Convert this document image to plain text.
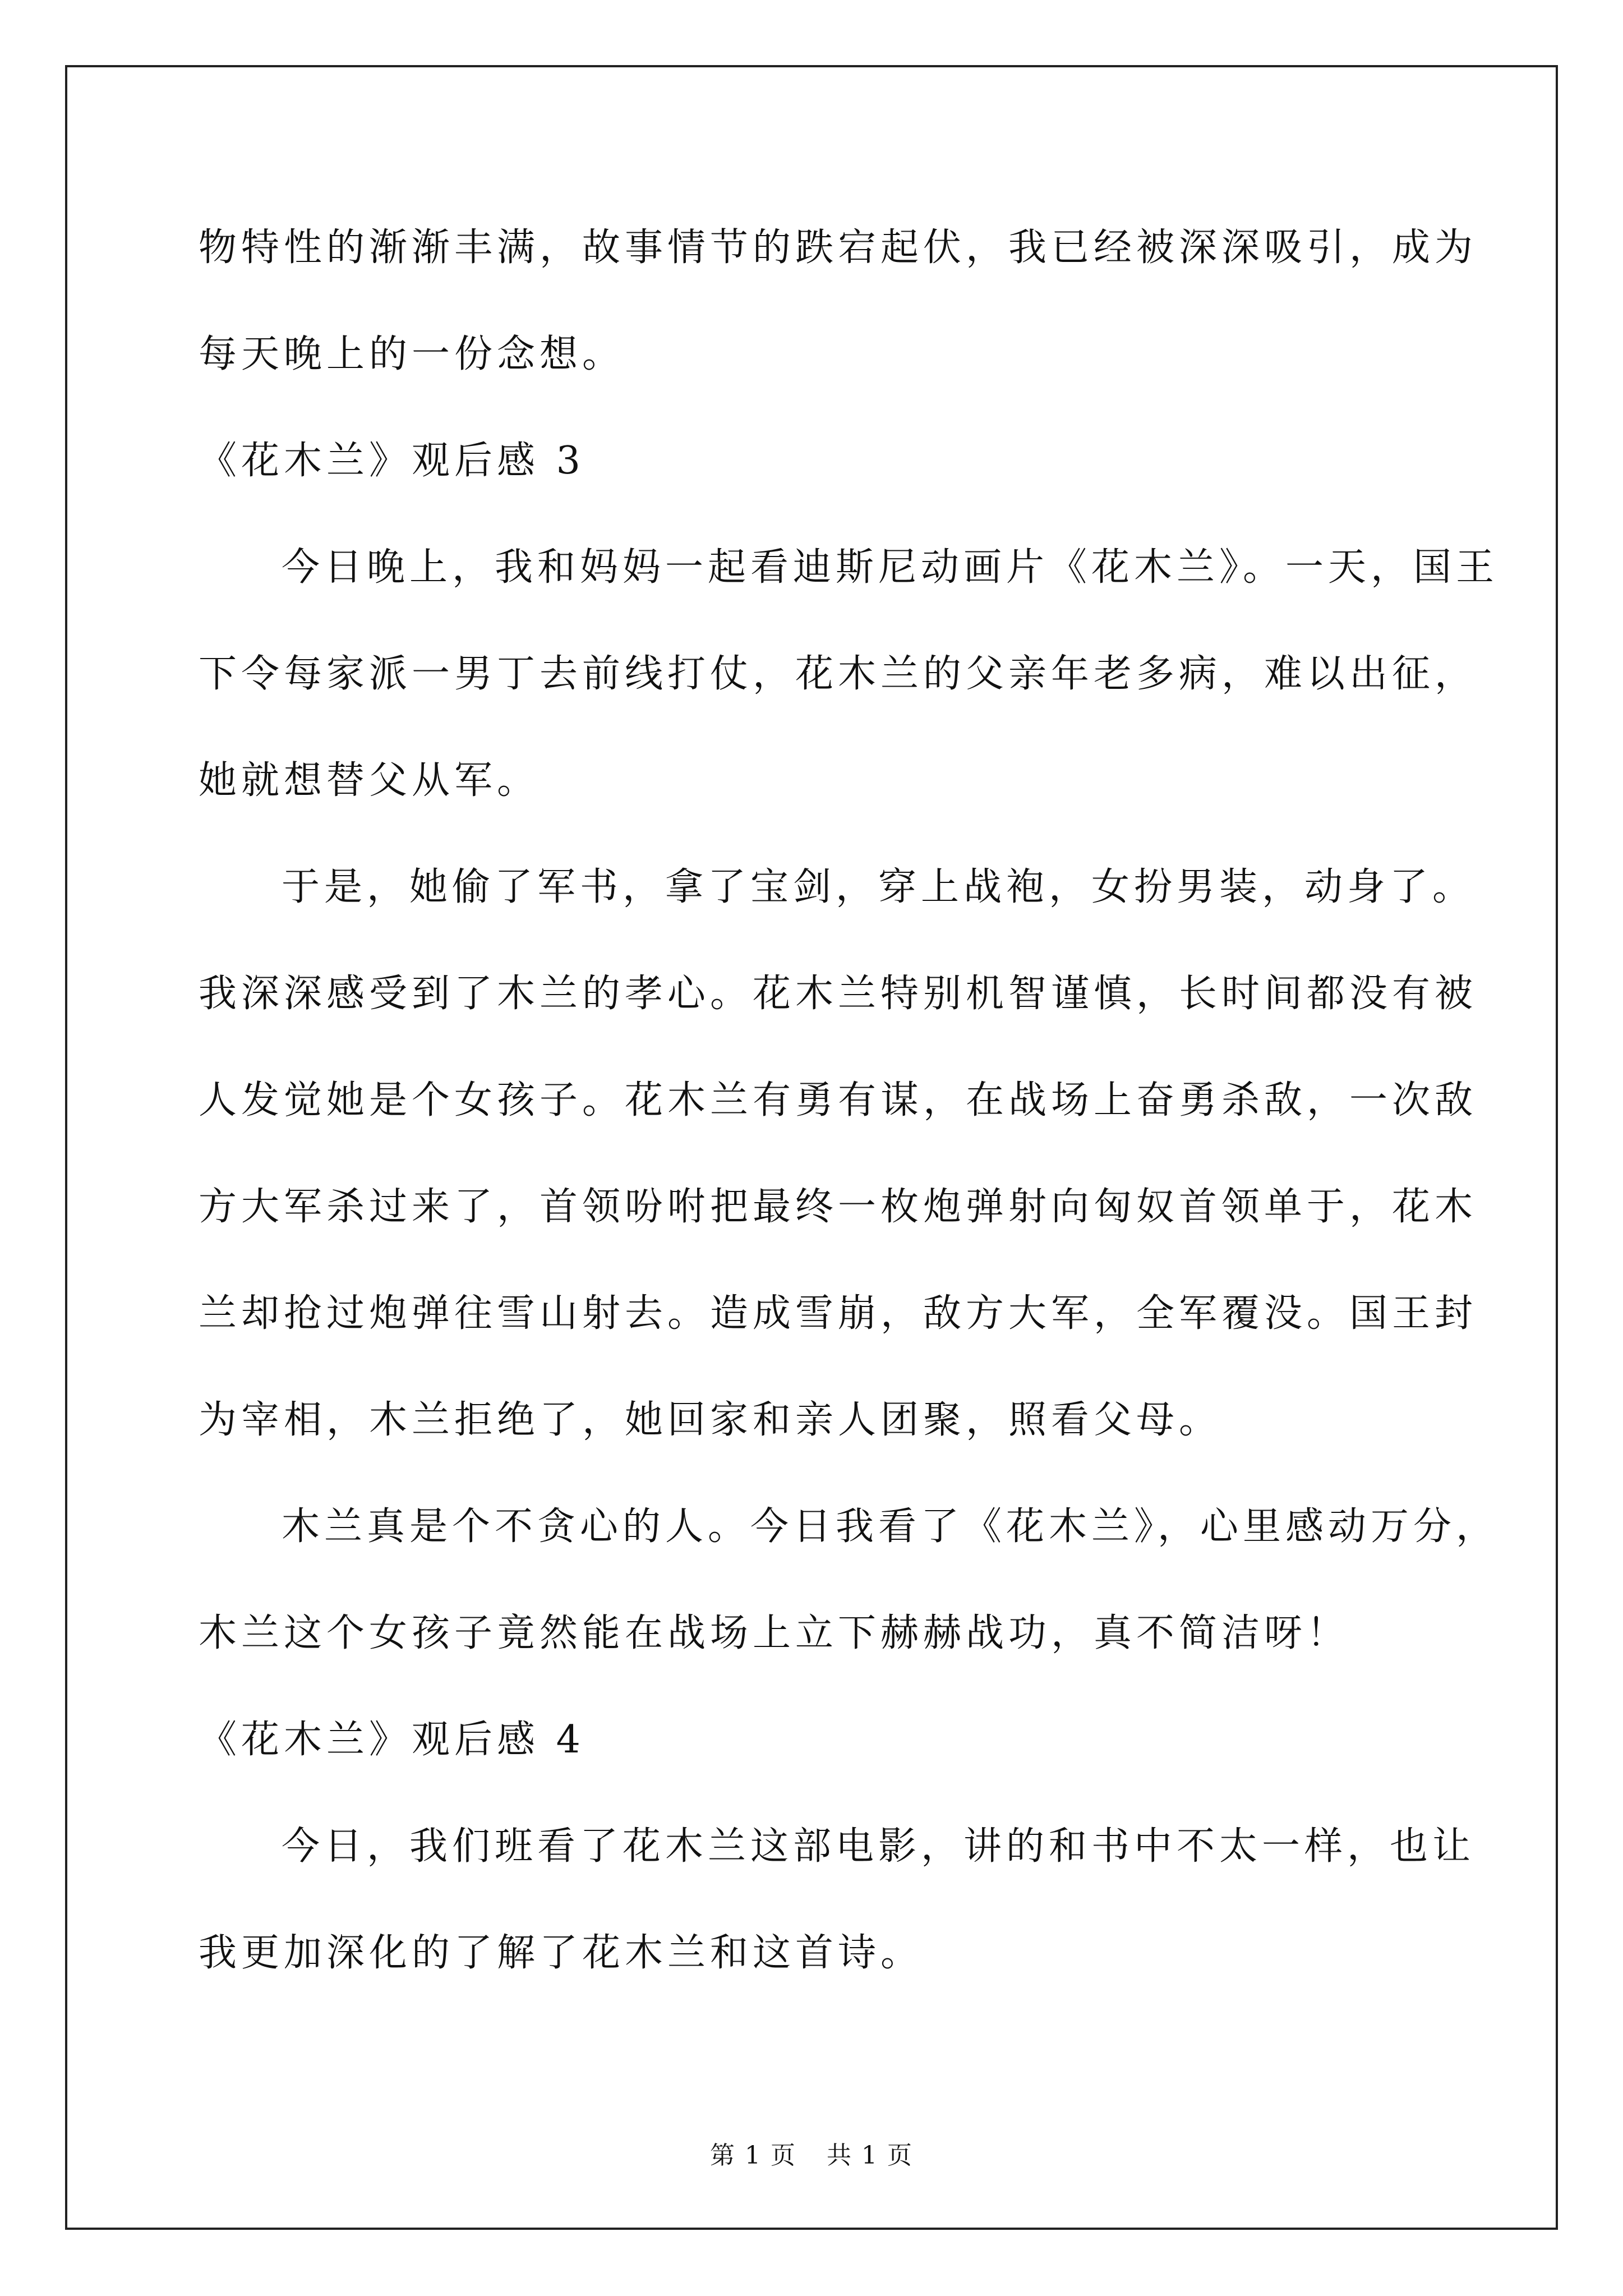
物特性的渐渐丰满，故事情节的跌宕起伏，我已经被深深吸引，成为
每天晚上的一份念想。
《花木兰》观后感 3
今日晚上，我和妈妈一起看迪斯尼动画片《花木兰》。一天，国王
下令每家派一男丁去前线打仗，花木兰的父亲年老多病，难以出征，
她就想替父从军。
于是，她偷了军书，拿了宝剑，穿上战袍，女扮男装，动身了。
我深深感受到了木兰的孝心。花木兰特别机智谨慎，长时间都没有被
人发觉她是个女孩子。花木兰有勇有谋，在战场上奋勇杀敌，一次敌
方大军杀过来了，首领吩咐把最终一枚炮弹射向匈奴首领单于，花木
兰却抢过炮弹往雪山射去。造成雪崩，敌方大军，全军覆没。国王封
为宰相，木兰拒绝了，她回家和亲人团聚，照看父母。
木兰真是个不贪心的人。今日我看了《花木兰》，心里感动万分，
木兰这个女孩子竟然能在战场上立下赫赫战功，真不简洁呀！
《花木兰》观后感 4
今日，我们班看了花木兰这部电影，讲的和书中不太一样，也让
我更加深化的了解了花木兰和这首诗。
第 1 页 共 1 页
